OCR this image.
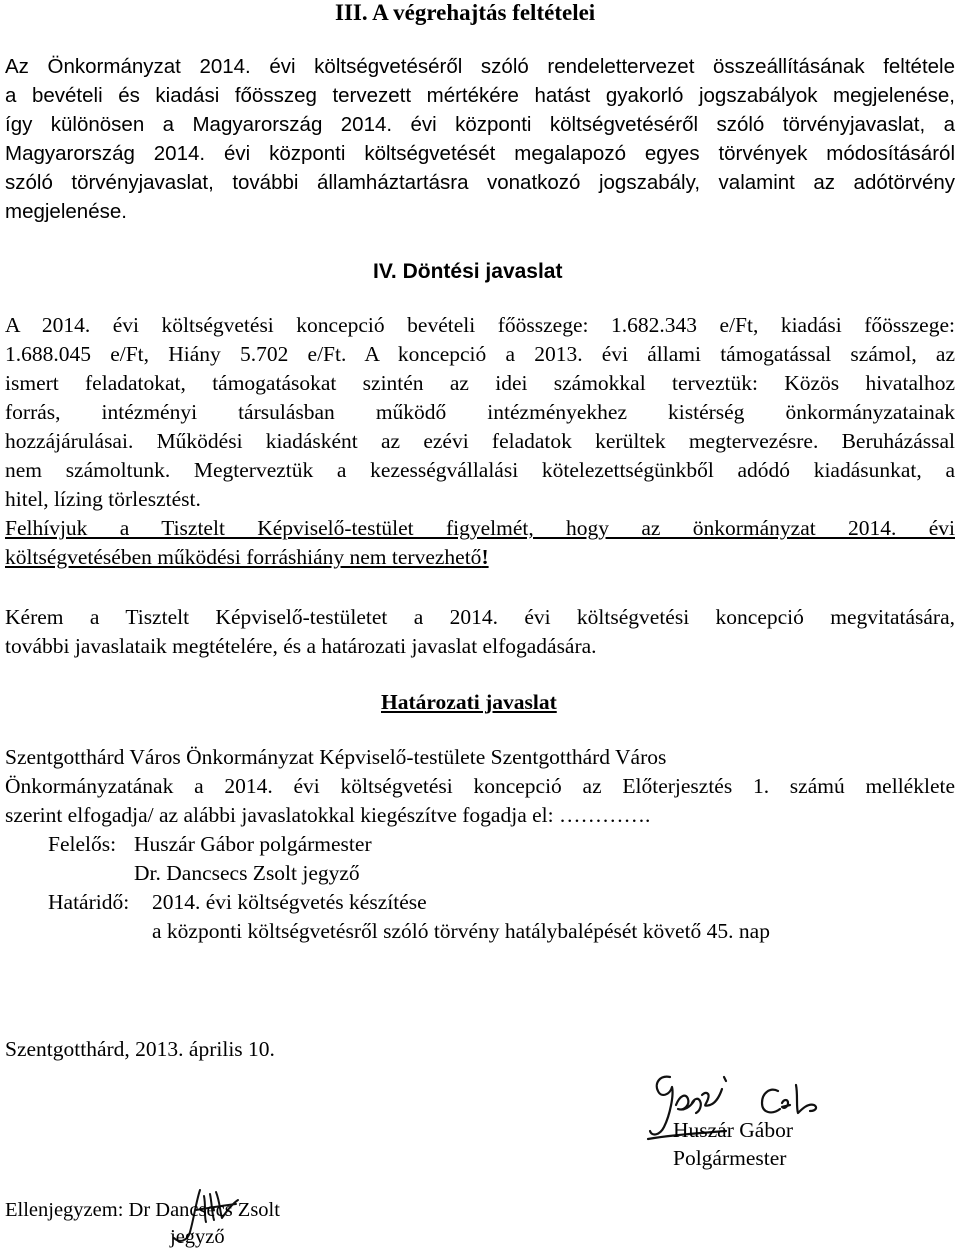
III. A végrehajtás feltételei
Az Önkormányzat 2014. évi költségvetéséről szóló rendelettervezet összeállításának feltétele
a bevételi és kiadási főösszeg tervezett mértékére hatást gyakorló jogszabályok megjelenése,
így különösen a Magyarország 2014. évi központi költségvetéséről szóló törvényjavaslat, a
Magyarország 2014. évi központi költségvetését megalapozó egyes törvények módosításáról
szóló törvényjavaslat, további államháztartásra vonatkozó jogszabály, valamint az adótörvény
megjelenése.
IV. Döntési javaslat
A 2014. évi költségvetési koncepció bevételi főösszege: 1.682.343 e/Ft, kiadási főösszege:
1.688.045 e/Ft, Hiány 5.702 e/Ft. A koncepció a 2013. évi állami támogatással számol, az
ismert feladatokat, támogatásokat szintén az idei számokkal terveztük: Közös hivatalhoz
forrás, intézményi társulásban működő intézményekhez kistérség önkormányzatainak
hozzájárulásai. Működési kiadásként az ezévi feladatok kerültek megtervezésre. Beruházással
nem számoltunk. Megterveztük a kezességvállalási kötelezettségünkből adódó kiadásunkat, a
hitel, lízing törlesztést.
Felhívjuk a Tisztelt Képviselő-testület figyelmét, hogy az önkormányzat 2014. évi
költségvetésében működési forráshiány nem tervezhető!
Kérem a Tisztelt Képviselő-testületet a 2014. évi költségvetési koncepció megvitatására,
további javaslataik megtételére, és a határozati javaslat elfogadására.
Határozati javaslat
Szentgotthárd Város Önkormányzat Képviselő-testülete Szentgotthárd Város
Önkormányzatának a 2014. évi költségvetési koncepció az Előterjesztés 1. számú melléklete
szerint elfogadja/ az alábbi javaslatokkal kiegészítve fogadja el: ………….
Felelős: Huszár Gábor polgármester
Dr. Dancsecs Zsolt jegyző
Határidő: 2014. évi költségvetés készítése
a központi költségvetésről szóló törvény hatálybalépését követő 45. nap
Szentgotthárd, 2013. április 10.
Huszár Gábor
Polgármester
Ellenjegyzem: Dr Dancsecs Zsolt
jegyző
